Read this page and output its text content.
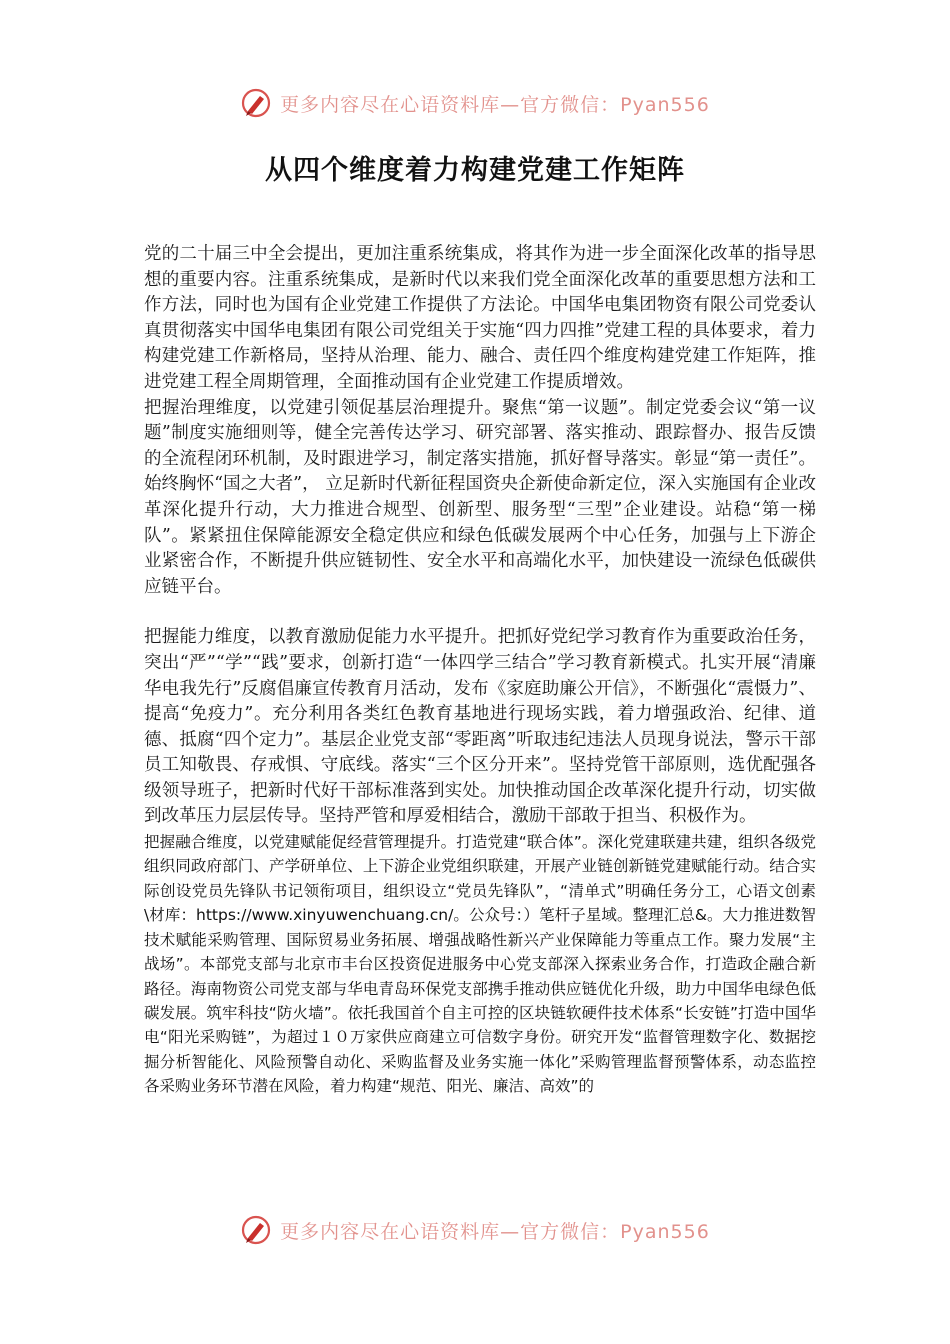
更多内容尽在心语资料库—官方微信：Pyan556
从四个维度着力构建党建工作矩阵

党的二十届三中全会提出，更加注重系统集成，将其作为进一步全面深化改革的指导思想的重要内容。注重系统集成，是新时代以来我们党全面深化改革的重要思想方法和工作方法，同时也为国有企业党建工作提供了方法论。中国华电集团物资有限公司党委认真贯彻落实中国华电集团有限公司党组关于实施“四力四推”党建工程的具体要求，着力构建党建工作新格局，坚持从治理、能力、融合、责任四个维度构建党建工作矩阵，推进党建工程全周期管理，全面推动国有企业党建工作提质增效。

把握治理维度，以党建引领促基层治理提升。聚焦“第一议题”。制定党委会议“第一议题”制度实施细则等，健全完善传达学习、研究部署、落实推动、跟踪督办、报告反馈的全流程闭环机制，及时跟进学习，制定落实措施，抓好督导落实。彰显“第一责任”。始终胸怀“国之大者”， 立足新时代新征程国资央企新使命新定位，深入实施国有企业改革深化提升行动，大力推进合规型、创新型、服务型“三型”企业建设。站稳“第一梯队”。紧紧扭住保障能源安全稳定供应和绿色低碳发展两个中心任务，加强与上下游企业紧密合作，不断提升供应链韧性、安全水平和高端化水平，加快建设一流绿色低碳供应链平台。

把握能力维度，以教育激励促能力水平提升。把抓好党纪学习教育作为重要政治任务，突出“严”“学”“践”要求，创新打造“一体四学三结合”学习教育新模式。扎实开展“清廉华电我先行”反腐倡廉宣传教育月活动，发布《家庭助廉公开信》，不断强化“震慑力”、提高“免疫力”。充分利用各类红色教育基地进行现场实践，着力增强政治、纪律、道德、抵腐“四个定力”。基层企业党支部“零距离”听取违纪违法人员现身说法，警示干部员工知敬畏、存戒惧、守底线。落实“三个区分开来”。坚持党管干部原则，选优配强各级领导班子，把新时代好干部标准落到实处。加快推动国企改革深化提升行动，切实做到改革压力层层传导。坚持严管和厚爱相结合，激励干部敢于担当、积极作为。

把握融合维度，以党建赋能促经营管理提升。打造党建“联合体”。深化党建联建共建，组织各级党组织同政府部门、产学研单位、上下游企业党组织联建，开展产业链创新链党建赋能行动。结合实际创设党员先锋队书记领衔项目，组织设立“党员先锋队”，“清单式”明确任务分工，心语文创素\材库：https://www.xinyuwenchuang.cn/。公众号：）笔杆子星域。整理汇总&。大力推进数智技术赋能采购管理、国际贸易业务拓展、增强战略性新兴产业保障能力等重点工作。聚力发展“主战场”。本部党支部与北京市丰台区投资促进服务中心党支部深入探索业务合作，打造政企融合新路径。海南物资公司党支部与华电青岛环保党支部携手推动供应链优化升级，助力中国华电绿色低碳发展。筑牢科技“防火墙”。依托我国首个自主可控的区块链软硬件技术体系“长安链”打造中国华电“阳光采购链”，为超过１０万家供应商建立可信数字身份。研究开发“监督管理数字化、数据挖掘分析智能化、风险预警自动化、采购监督及业务实施一体化”采购管理监督预警体系，动态监控各采购业务环节潜在风险，着力构建“规范、阳光、廉洁、高效”的

更多内容尽在心语资料库—官方微信：Pyan556
